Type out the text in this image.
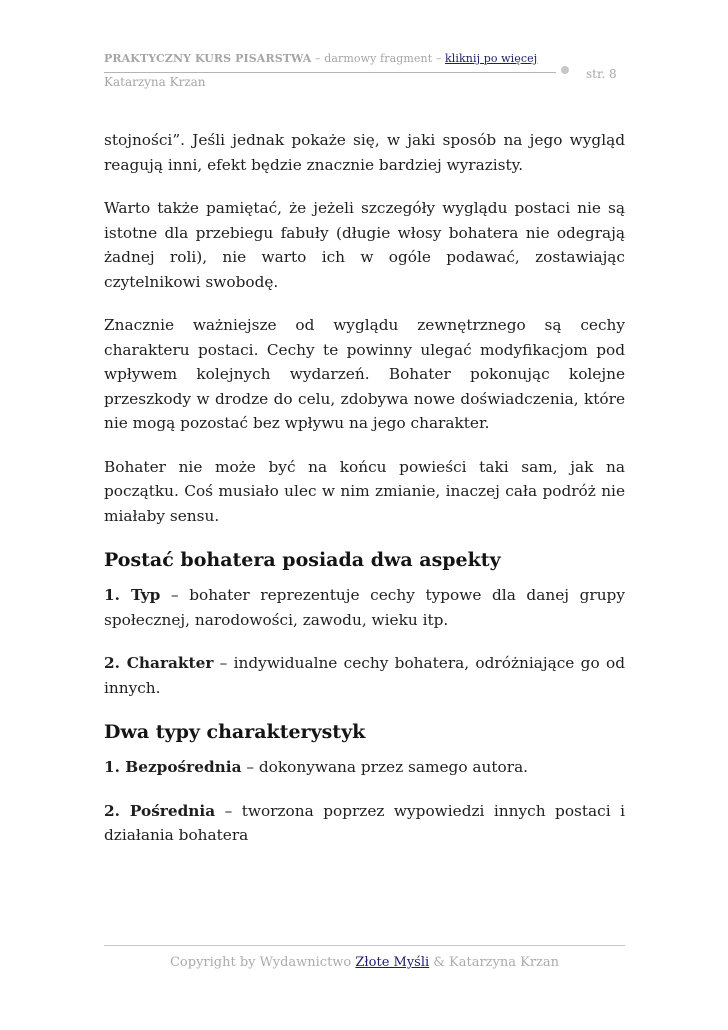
PRAKTYCZNY KURS PISARSTWA – darmowy fragment – kliknij po więcej
Katarzyna Krzan
str. 8

stojności”. Jeśli jednak pokaże się, w jaki sposób na jego wygląd reagują inni, efekt będzie znacznie bardziej wyrazisty.

Warto także pamiętać, że jeżeli szczegóły wyglądu postaci nie są istotne dla przebiegu fabuły (długie włosy bohatera nie odegrają żadnej roli), nie warto ich w ogóle podawać, zostawiając czytelnikowi swobodę.

Znacznie ważniejsze od wyglądu zewnętrznego są cechy charakteru postaci. Cechy te powinny ulegać modyfikacjom pod wpływem kolejnych wydarzeń. Bohater pokonując kolejne przeszkody w drodze do celu, zdobywa nowe doświadczenia, które nie mogą pozostać bez wpływu na jego charakter.

Bohater nie może być na końcu powieści taki sam, jak na początku. Coś musiało ulec w nim zmianie, inaczej cała podróż nie miałaby sensu.

Postać bohatera posiada dwa aspekty

1. Typ – bohater reprezentuje cechy typowe dla danej grupy społecznej, narodowości, zawodu, wieku itp.

2. Charakter – indywidualne cechy bohatera, odróżniające go od innych.

Dwa typy charakterystyk

1. Bezpośrednia – dokonywana przez samego autora.

2. Pośrednia – tworzona poprzez wypowiedzi innych postaci i działania bohatera

Copyright by Wydawnictwo Złote Myśli & Katarzyna Krzan
